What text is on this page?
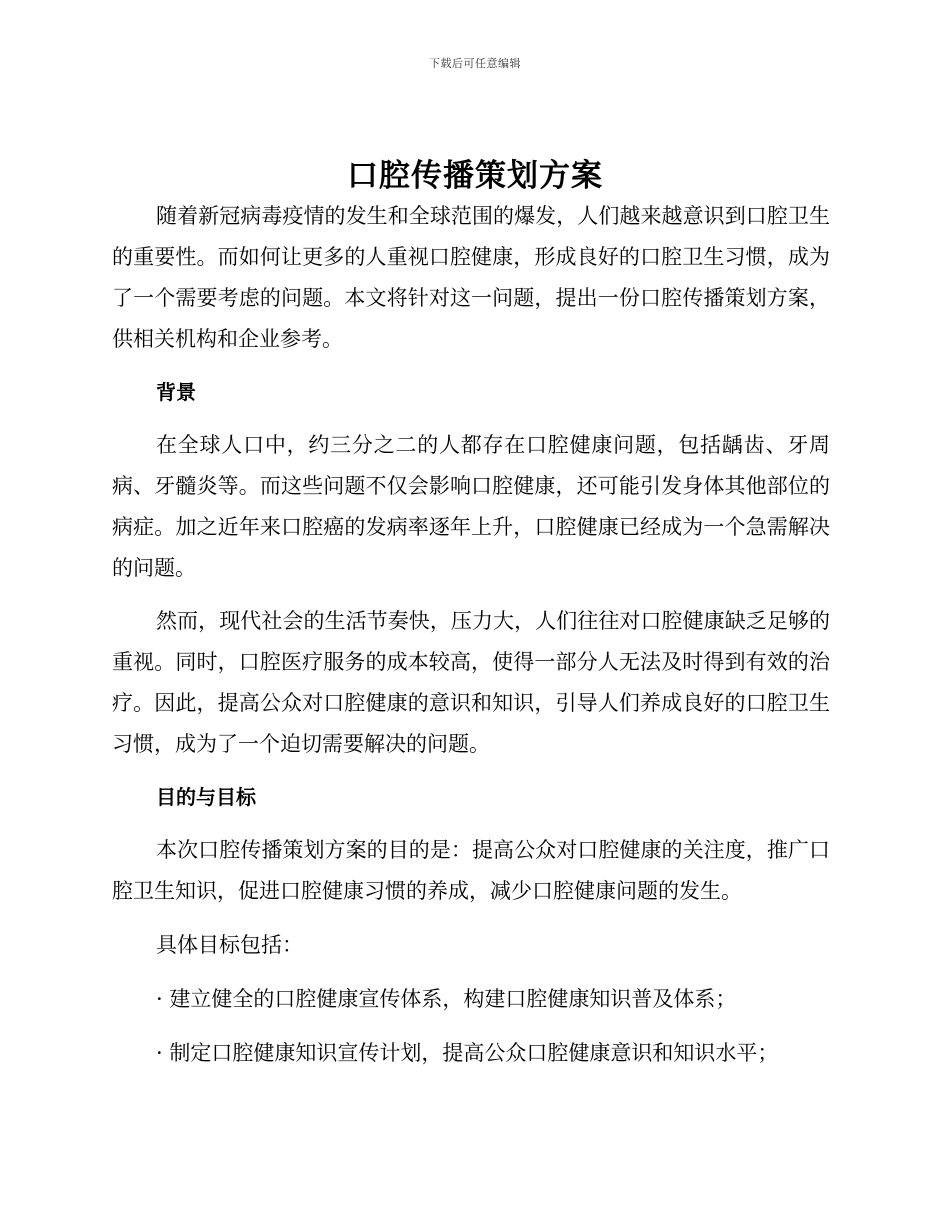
下载后可任意编辑
口腔传播策划方案

随着新冠病毒疫情的发生和全球范围的爆发，人们越来越意识到口腔卫生的重要性。而如何让更多的人重视口腔健康，形成良好的口腔卫生习惯，成为了一个需要考虑的问题。本文将针对这一问题，提出一份口腔传播策划方案，供相关机构和企业参考。

背景

在全球人口中，约三分之二的人都存在口腔健康问题，包括龋齿、牙周病、牙髓炎等。而这些问题不仅会影响口腔健康，还可能引发身体其他部位的病症。加之近年来口腔癌的发病率逐年上升，口腔健康已经成为一个急需解决的问题。

然而，现代社会的生活节奏快，压力大，人们往往对口腔健康缺乏足够的重视。同时，口腔医疗服务的成本较高，使得一部分人无法及时得到有效的治疗。因此，提高公众对口腔健康的意识和知识，引导人们养成良好的口腔卫生习惯，成为了一个迫切需要解决的问题。

目的与目标

本次口腔传播策划方案的目的是：提高公众对口腔健康的关注度，推广口腔卫生知识，促进口腔健康习惯的养成，减少口腔健康问题的发生。

具体目标包括：

· 建立健全的口腔健康宣传体系，构建口腔健康知识普及体系；

· 制定口腔健康知识宣传计划，提高公众口腔健康意识和知识水平；
